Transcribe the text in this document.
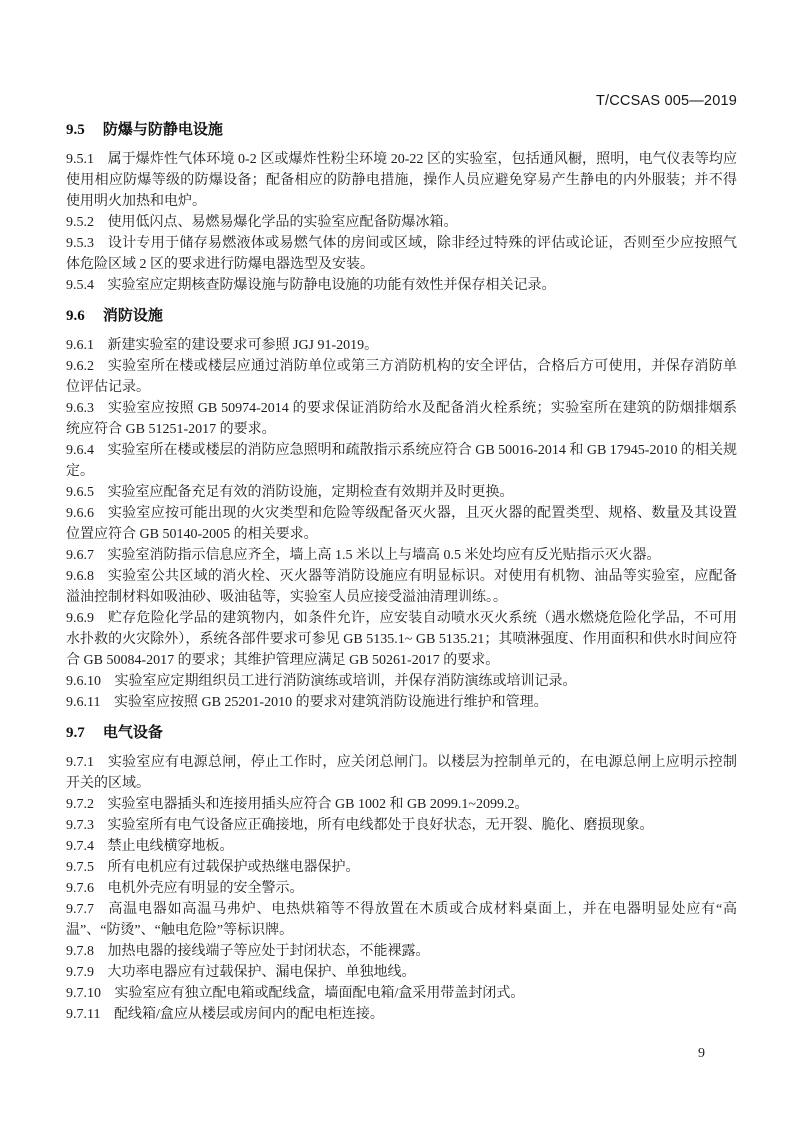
T/CCSAS 005—2019
9.5 防爆与防静电设施

9.5.1 属于爆炸性气体环境 0-2 区或爆炸性粉尘环境 20-22 区的实验室，包括通风橱，照明，电气仪表等均应使用相应防爆等级的防爆设备；配备相应的防静电措施，操作人员应避免穿易产生静电的内外服装；并不得使用明火加热和电炉。

9.5.2 使用低闪点、易燃易爆化学品的实验室应配备防爆冰箱。

9.5.3 设计专用于储存易燃液体或易燃气体的房间或区域，除非经过特殊的评估或论证，否则至少应按照气体危险区域 2 区的要求进行防爆电器选型及安装。

9.5.4 实验室应定期核查防爆设施与防静电设施的功能有效性并保存相关记录。

9.6 消防设施

9.6.1 新建实验室的建设要求可参照 JGJ 91-2019。

9.6.2 实验室所在楼或楼层应通过消防单位或第三方消防机构的安全评估，合格后方可使用，并保存消防单位评估记录。

9.6.3 实验室应按照 GB 50974-2014 的要求保证消防给水及配备消火栓系统；实验室所在建筑的防烟排烟系统应符合 GB 51251-2017 的要求。

9.6.4 实验室所在楼或楼层的消防应急照明和疏散指示系统应符合 GB 50016-2014 和 GB 17945-2010 的相关规定。

9.6.5 实验室应配备充足有效的消防设施，定期检查有效期并及时更换。

9.6.6 实验室应按可能出现的火灾类型和危险等级配备灭火器，且灭火器的配置类型、规格、数量及其设置位置应符合 GB 50140-2005 的相关要求。

9.6.7 实验室消防指示信息应齐全，墙上高 1.5 米以上与墙高 0.5 米处均应有反光贴指示灭火器。

9.6.8 实验室公共区域的消火栓、灭火器等消防设施应有明显标识。对使用有机物、油品等实验室，应配备溢油控制材料如吸油砂、吸油毡等，实验室人员应接受溢油清理训练。。

9.6.9 贮存危险化学品的建筑物内，如条件允许，应安装自动喷水灭火系统（遇水燃烧危险化学品，不可用水扑救的火灾除外），系统各部件要求可参见 GB 5135.1~ GB 5135.21；其喷淋强度、作用面积和供水时间应符合 GB 50084-2017 的要求；其维护管理应满足 GB 50261-2017 的要求。

9.6.10 实验室应定期组织员工进行消防演练或培训，并保存消防演练或培训记录。

9.6.11 实验室应按照 GB 25201-2010 的要求对建筑消防设施进行维护和管理。

9.7 电气设备

9.7.1 实验室应有电源总闸，停止工作时，应关闭总闸门。以楼层为控制单元的，在电源总闸上应明示控制开关的区域。

9.7.2 实验室电器插头和连接用插头应符合 GB 1002 和 GB 2099.1~2099.2。

9.7.3 实验室所有电气设备应正确接地，所有电线都处于良好状态，无开裂、脆化、磨损现象。

9.7.4 禁止电线横穿地板。

9.7.5 所有电机应有过载保护或热继电器保护。

9.7.6 电机外壳应有明显的安全警示。

9.7.7 高温电器如高温马弗炉、电热烘箱等不得放置在木质或合成材料桌面上，并在电器明显处应有“高温”、“防烫”、“触电危险”等标识牌。

9.7.8 加热电器的接线端子等应处于封闭状态，不能裸露。

9.7.9 大功率电器应有过载保护、漏电保护、单独地线。

9.7.10 实验室应有独立配电箱或配线盒，墙面配电箱/盒采用带盖封闭式。

9.7.11 配线箱/盒应从楼层或房间内的配电柜连接。

9
